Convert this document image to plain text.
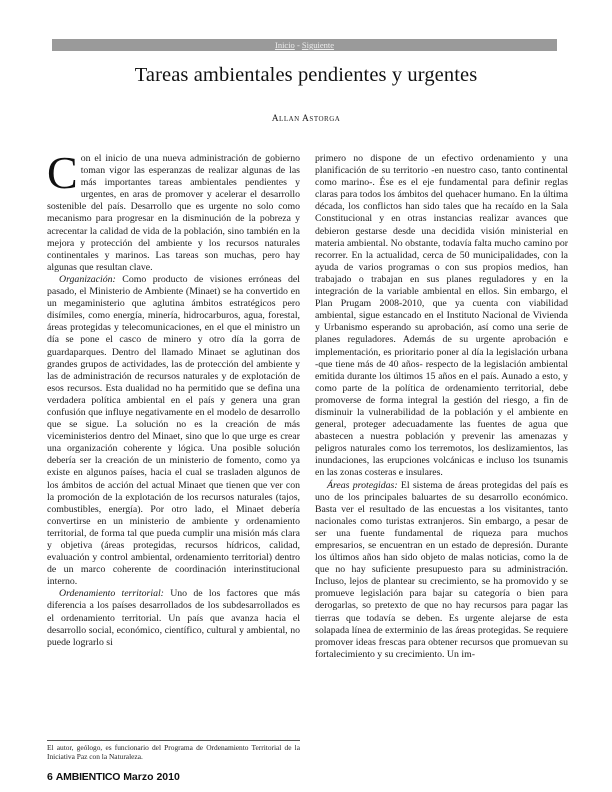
Inicio - Siguiente
Tareas ambientales pendientes y urgentes
Allan Astorga

Con el inicio de una nueva administración de gobierno toman vigor las esperanzas de realizar algunas de las más importantes tareas ambientales pendientes y urgentes, en aras de promover y acelerar el desarrollo sostenible del país. Desarrollo que es urgente no solo como mecanismo para progresar en la disminución de la pobreza y acrecentar la calidad de vida de la población, sino también en la mejora y protección del ambiente y los recursos naturales continentales y marinos. Las tareas son muchas, pero hay algunas que resultan clave.

Organización: Como producto de visiones erróneas del pasado, el Ministerio de Ambiente (Minaet) se ha convertido en un megaministerio que aglutina ámbitos estratégicos pero disímiles, como energía, minería, hidrocarburos, agua, forestal, áreas protegidas y telecomunicaciones, en el que el ministro un día se pone el casco de minero y otro día la gorra de guardaparques. Dentro del llamado Minaet se aglutinan dos grandes grupos de actividades, las de protección del ambiente y las de administración de recursos naturales y de explotación de esos recursos. Esta dualidad no ha permitido que se defina una verdadera política ambiental en el país y genera una gran confusión que influye negativamente en el modelo de desarrollo que se sigue. La solución no es la creación de más viceministerios dentro del Minaet, sino que lo que urge es crear una organización coherente y lógica. Una posible solución debería ser la creación de un ministerio de fomento, como ya existe en algunos países, hacia el cual se trasladen algunos de los ámbitos de acción del actual Minaet que tienen que ver con la promoción de la explotación de los recursos naturales (tajos, combustibles, energía). Por otro lado, el Minaet debería convertirse en un ministerio de ambiente y ordenamiento territorial, de forma tal que pueda cumplir una misión más clara y objetiva (áreas protegidas, recursos hídricos, calidad, evaluación y control ambiental, ordenamiento territorial) dentro de un marco coherente de coordinación interinstitucional interno.

Ordenamiento territorial: Uno de los factores que más diferencia a los países desarrollados de los subdesarrollados es el ordenamiento territorial. Un país que avanza hacia el desarrollo social, económico, científico, cultural y ambiental, no puede lograrlo si

primero no dispone de un efectivo ordenamiento y una planificación de su territorio -en nuestro caso, tanto continental como marino-. Ése es el eje fundamental para definir reglas claras para todos los ámbitos del quehacer humano. En la última década, los conflictos han sido tales que ha recaído en la Sala Constitucional y en otras instancias realizar avances que debieron gestarse desde una decidida visión ministerial en materia ambiental. No obstante, todavía falta mucho camino por recorrer. En la actualidad, cerca de 50 municipalidades, con la ayuda de varios programas o con sus propios medios, han trabajado o trabajan en sus planes reguladores y en la integración de la variable ambiental en ellos. Sin embargo, el Plan Prugam 2008-2010, que ya cuenta con viabilidad ambiental, sigue estancado en el Instituto Nacional de Vivienda y Urbanismo esperando su aprobación, así como una serie de planes reguladores. Además de su urgente aprobación e implementación, es prioritario poner al día la legislación urbana -que tiene más de 40 años- respecto de la legislación ambiental emitida durante los últimos 15 años en el país. Aunado a esto, y como parte de la política de ordenamiento territorial, debe promoverse de forma integral la gestión del riesgo, a fin de disminuir la vulnerabilidad de la población y el ambiente en general, proteger adecuadamente las fuentes de agua que abastecen a nuestra población y prevenir las amenazas y peligros naturales como los terremotos, los deslizamientos, las inundaciones, las erupciones volcánicas e incluso los tsunamis en las zonas costeras e insulares.

Áreas protegidas: El sistema de áreas protegidas del país es uno de los principales baluartes de su desarrollo económico. Basta ver el resultado de las encuestas a los visitantes, tanto nacionales como turistas extranjeros. Sin embargo, a pesar de ser una fuente fundamental de riqueza para muchos empresarios, se encuentran en un estado de depresión. Durante los últimos años han sido objeto de malas noticias, como la de que no hay suficiente presupuesto para su administración. Incluso, lejos de plantear su crecimiento, se ha promovido y se promueve legislación para bajar su categoría o bien para derogarlas, so pretexto de que no hay recursos para pagar las tierras que todavía se deben. Es urgente alejarse de esta solapada línea de exterminio de las áreas protegidas. Se requiere promover ideas frescas para obtener recursos que promuevan su fortalecimiento y su crecimiento. Un im-

El autor, geólogo, es funcionario del Programa de Ordenamiento Territorial de la Iniciativa Paz con la Naturaleza.
6 AMBIENTICO Marzo 2010
